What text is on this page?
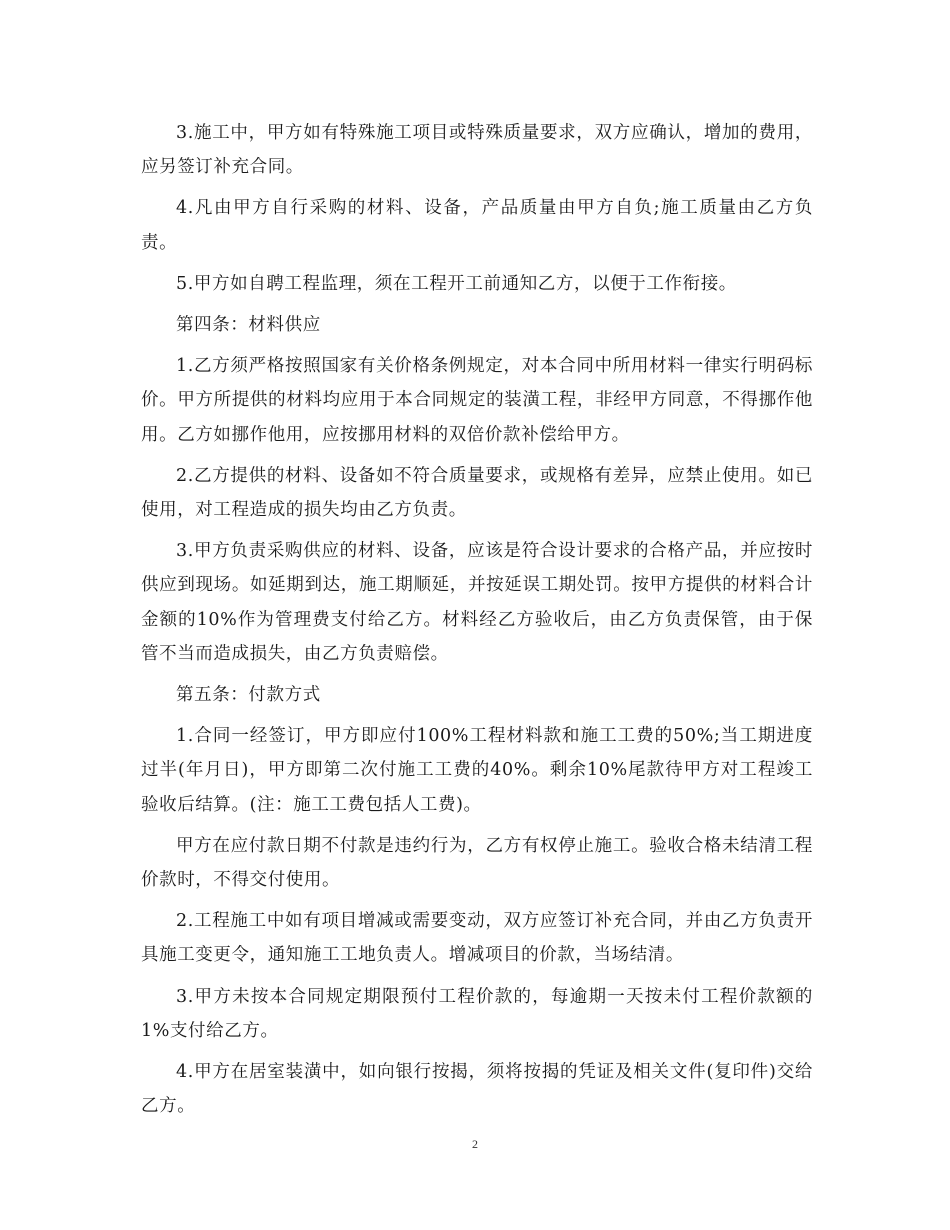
3.施工中，甲方如有特殊施工项目或特殊质量要求，双方应确认，增加的费用，应另签订补充合同。

4.凡由甲方自行采购的材料、设备，产品质量由甲方自负;施工质量由乙方负责。

5.甲方如自聘工程监理，须在工程开工前通知乙方，以便于工作衔接。

第四条：材料供应

1.乙方须严格按照国家有关价格条例规定，对本合同中所用材料一律实行明码标价。甲方所提供的材料均应用于本合同规定的装潢工程，非经甲方同意，不得挪作他用。乙方如挪作他用，应按挪用材料的双倍价款补偿给甲方。

2.乙方提供的材料、设备如不符合质量要求，或规格有差异，应禁止使用。如已使用，对工程造成的损失均由乙方负责。

3.甲方负责采购供应的材料、设备，应该是符合设计要求的合格产品，并应按时供应到现场。如延期到达，施工期顺延，并按延误工期处罚。按甲方提供的材料合计金额的10%作为管理费支付给乙方。材料经乙方验收后，由乙方负责保管，由于保管不当而造成损失，由乙方负责赔偿。

第五条：付款方式

1.合同一经签订，甲方即应付100%工程材料款和施工工费的50%;当工期进度过半(年月日)，甲方即第二次付施工工费的40%。剩余10%尾款待甲方对工程竣工验收后结算。(注：施工工费包括人工费)。

甲方在应付款日期不付款是违约行为，乙方有权停止施工。验收合格未结清工程价款时，不得交付使用。

2.工程施工中如有项目增减或需要变动，双方应签订补充合同，并由乙方负责开具施工变更令，通知施工工地负责人。增减项目的价款，当场结清。

3.甲方未按本合同规定期限预付工程价款的，每逾期一天按未付工程价款额的1%支付给乙方。

4.甲方在居室装潢中，如向银行按揭，须将按揭的凭证及相关文件(复印件)交给乙方。

2
